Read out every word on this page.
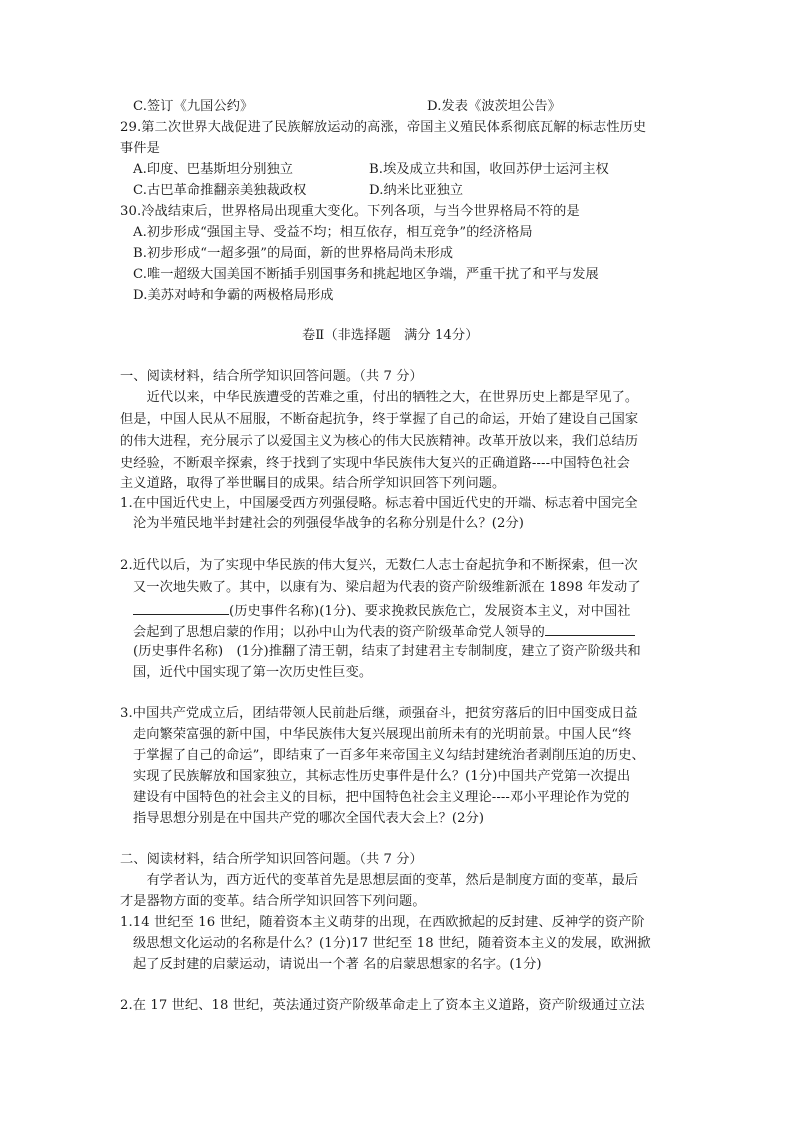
C.签订《九国公约》	D.发表《波茨坦公告》
29.第二次世界大战促进了民族解放运动的高涨，帝国主义殖民体系彻底瓦解的标志性历史
事件是
A.印度、巴基斯坦分别独立	B.埃及成立共和国，收回苏伊士运河主权
C.古巴革命推翻亲美独裁政权	D.纳米比亚独立
30.冷战结束后，世界格局出现重大变化。下列各项，与当今世界格局不符的是
A.初步形成“强国主导、受益不均；相互依存，相互竞争”的经济格局
B.初步形成“一超多强”的局面，新的世界格局尚未形成
C.唯一超级大国美国不断插手别国事务和挑起地区争端，严重干扰了和平与发展
D.美苏对峙和争霸的两极格局形成
卷Ⅱ（非选择题　满分 14分）
一、阅读材料，结合所学知识回答问题。（共 7 分）
　　近代以来，中华民族遭受的苦难之重，付出的牺牲之大，在世界历史上都是罕见了。
但是，中国人民从不屈服，不断奋起抗争，终于掌握了自己的命运，开始了建设自己国家
的伟大进程，充分展示了以爱国主义为核心的伟大民族精神。改革开放以来，我们总结历
史经验，不断艰辛探索，终于找到了实现中华民族伟大复兴的正确道路----中国特色社会
主义道路，取得了举世瞩目的成果。结合所学知识回答下列问题。
1.在中国近代史上，中国屡受西方列强侵略。标志着中国近代史的开端、标志着中国完全
沦为半殖民地半封建社会的列强侵华战争的名称分别是什么？(2分)
2.近代以后，为了实现中华民族的伟大复兴，无数仁人志士奋起抗争和不断探索，但一次
又一次地失败了。其中，以康有为、梁启超为代表的资产阶级维新派在 1898 年发动了
(历史事件名称)(1分)、要求挽救民族危亡，发展资本主义，对中国社
会起到了思想启蒙的作用；以孙中山为代表的资产阶级革命党人领导的
(历史事件名称)　(1分)推翻了清王朝，结束了封建君主专制制度，建立了资产阶级共和
国，近代中国实现了第一次历史性巨变。
3.中国共产党成立后，团结带领人民前赴后继，顽强奋斗，把贫穷落后的旧中国变成日益
走向繁荣富强的新中国，中华民族伟大复兴展现出前所未有的光明前景。中国人民“终
于掌握了自己的命运”，即结束了一百多年来帝国主义勾结封建统治者剥削压迫的历史、
实现了民族解放和国家独立，其标志性历史事件是什么？(1分)中国共产党第一次提出
建设有中国特色的社会主义的目标，把中国特色社会主义理论----邓小平理论作为党的
指导思想分别是在中国共产党的哪次全国代表大会上？(2分)
二、阅读材料，结合所学知识回答问题。（共 7 分）
　　有学者认为，西方近代的变革首先是思想层面的变革，然后是制度方面的变革，最后
才是器物方面的变革。结合所学知识回答下列问题。
1.14 世纪至 16 世纪，随着资本主义萌芽的出现，在西欧掀起的反封建、反神学的资产阶
级思想文化运动的名称是什么？(1分)17 世纪至 18 世纪，随着资本主义的发展，欧洲掀
起了反封建的启蒙运动，请说出一个著 名的启蒙思想家的名字。(1分)
2.在 17 世纪、18 世纪，英法通过资产阶级革命走上了资本主义道路，资产阶级通过立法
